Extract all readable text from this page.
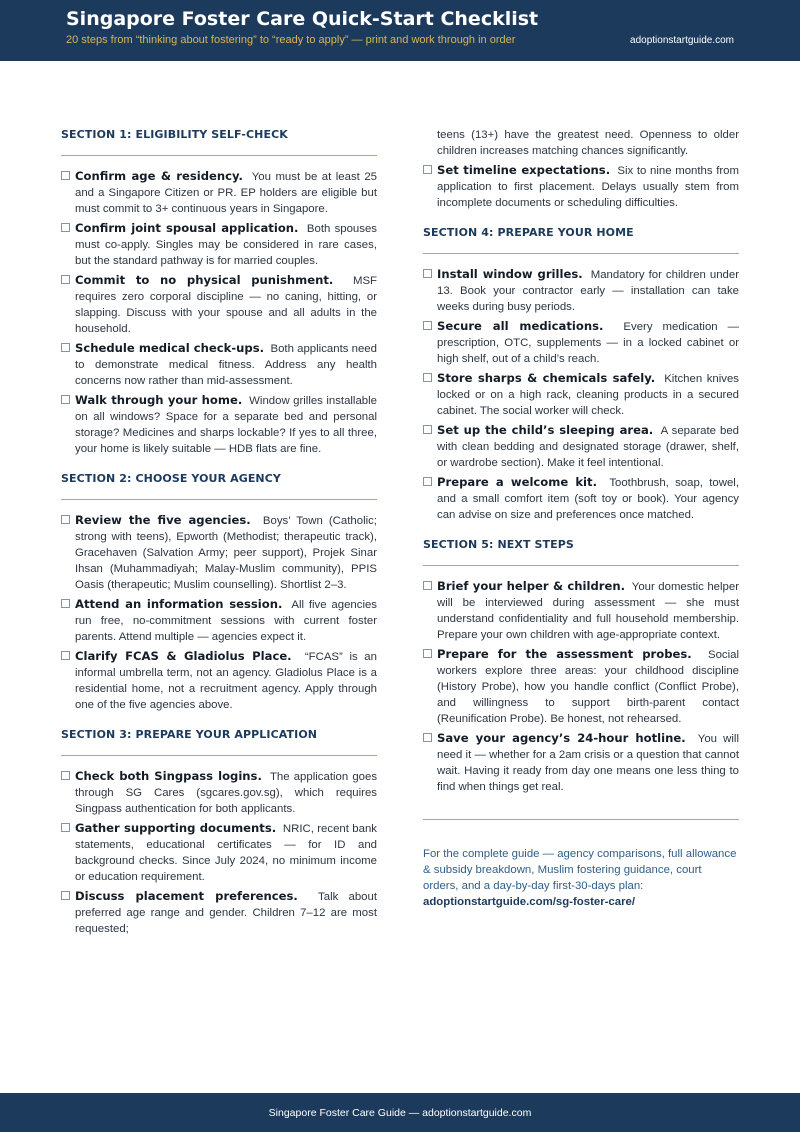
Singapore Foster Care Quick-Start Checklist
20 steps from “thinking about fostering” to “ready to apply” — print and work through in order	adoptionstartguide.com
SECTION 1: ELIGIBILITY SELF-CHECK
Confirm age & residency. You must be at least 25 and a Singapore Citizen or PR. EP holders are eligible but must commit to 3+ continuous years in Singapore.
Confirm joint spousal application. Both spouses must co-apply. Singles may be considered in rare cases, but the standard pathway is for married couples.
Commit to no physical punishment. MSF requires zero corporal discipline — no caning, hitting, or slapping. Discuss with your spouse and all adults in the household.
Schedule medical check-ups. Both applicants need to demonstrate medical fitness. Address any health concerns now rather than mid-assessment.
Walk through your home. Window grilles installable on all windows? Space for a separate bed and personal storage? Medicines and sharps lockable? If yes to all three, your home is likely suitable — HDB flats are fine.
SECTION 2: CHOOSE YOUR AGENCY
Review the five agencies. Boys’ Town (Catholic; strong with teens), Epworth (Methodist; therapeutic track), Gracehaven (Salvation Army; peer support), Projek Sinar Ihsan (Muhammadiyah; Malay-Muslim community), PPIS Oasis (therapeutic; Muslim counselling). Shortlist 2–3.
Attend an information session. All five agencies run free, no-commitment sessions with current foster parents. Attend multiple — agencies expect it.
Clarify FCAS & Gladiolus Place. “FCAS” is an informal umbrella term, not an agency. Gladiolus Place is a residential home, not a recruitment agency. Apply through one of the five agencies above.
SECTION 3: PREPARE YOUR APPLICATION
Check both Singpass logins. The application goes through SG Cares (sgcares.gov.sg), which requires Singpass authentication for both applicants.
Gather supporting documents. NRIC, recent bank statements, educational certificates — for ID and background checks. Since July 2024, no minimum income or education requirement.
Discuss placement preferences. Talk about preferred age range and gender. Children 7–12 are most requested;
teens (13+) have the greatest need. Openness to older children increases matching chances significantly.
Set timeline expectations. Six to nine months from application to first placement. Delays usually stem from incomplete documents or scheduling difficulties.
SECTION 4: PREPARE YOUR HOME
Install window grilles. Mandatory for children under 13. Book your contractor early — installation can take weeks during busy periods.
Secure all medications. Every medication — prescription, OTC, supplements — in a locked cabinet or high shelf, out of a child’s reach.
Store sharps & chemicals safely. Kitchen knives locked or on a high rack, cleaning products in a secured cabinet. The social worker will check.
Set up the child’s sleeping area. A separate bed with clean bedding and designated storage (drawer, shelf, or wardrobe section). Make it feel intentional.
Prepare a welcome kit. Toothbrush, soap, towel, and a small comfort item (soft toy or book). Your agency can advise on size and preferences once matched.
SECTION 5: NEXT STEPS
Brief your helper & children. Your domestic helper will be interviewed during assessment — she must understand confidentiality and full household membership. Prepare your own children with age-appropriate context.
Prepare for the assessment probes. Social workers explore three areas: your childhood discipline (History Probe), how you handle conflict (Conflict Probe), and willingness to support birth-parent contact (Reunification Probe). Be honest, not rehearsed.
Save your agency’s 24-hour hotline. You will need it — whether for a 2am crisis or a question that cannot wait. Having it ready from day one means one less thing to find when things get real.
For the complete guide — agency comparisons, full allowance & subsidy breakdown, Muslim fostering guidance, court orders, and a day-by-day first-30-days plan:
adoptionstartguide.com/sg-foster-care/
Singapore Foster Care Guide — adoptionstartguide.com
